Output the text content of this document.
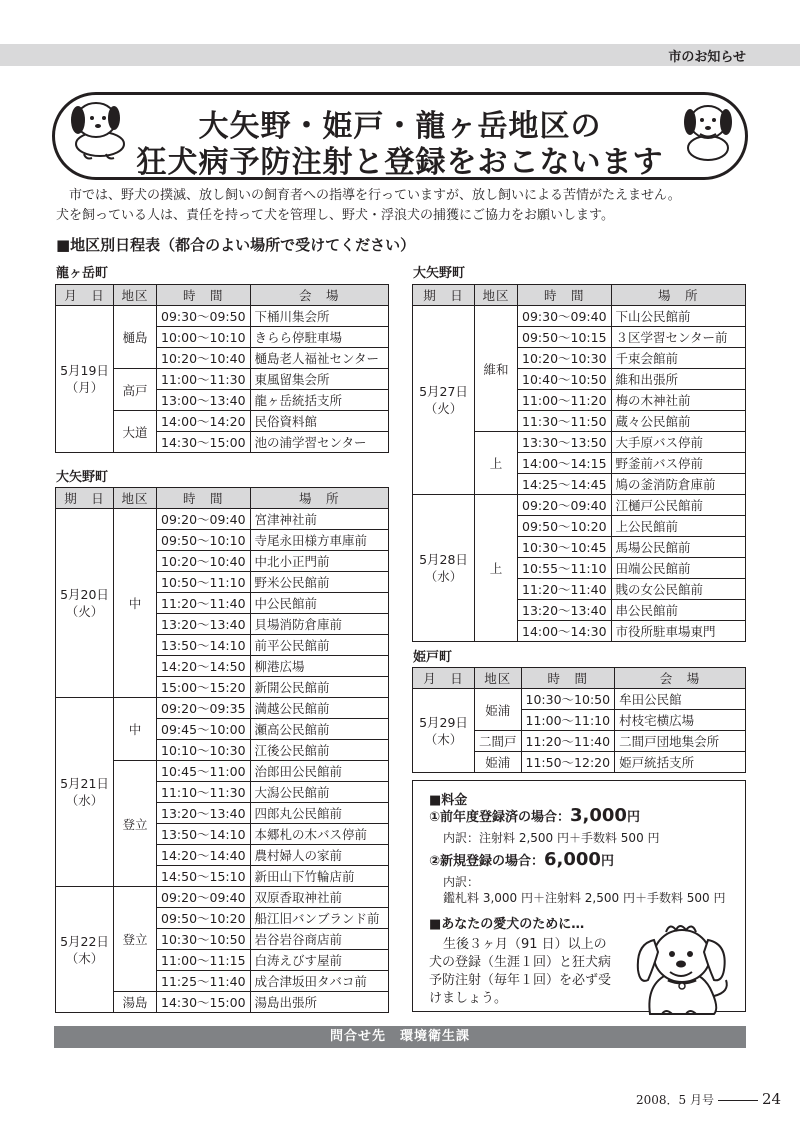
市のお知らせ
大矢野・姫戸・龍ヶ岳地区の
狂犬病予防注射と登録をおこないます

市では、野犬の撲滅、放し飼いの飼育者への指導を行っていますが、放し飼いによる苦情がたえません。

犬を飼っている人は、責任を持って犬を管理し、野犬・浮浪犬の捕獲にご協力をお願いします。

■地区別日程表（都合のよい場所で受けてください）
龍ヶ岳町
月　日	地区	時　間	会　場
5月19日
（月）	樋島	09:30～09:50	下桶川集会所
		10:00～10:10	きらら停駐車場
		10:20～10:40	樋島老人福祉センター
	高戸	11:00～11:30	東風留集会所
		13:00～13:40	龍ヶ岳統括支所
	大道	14:00～14:20	民俗資料館
		14:30～15:00	池の浦学習センター
大矢野町
期　日	地区	時　間	場　所
5月20日
（火）	中	09:20～09:40	宮津神社前
		09:50～10:10	寺尾永田様方車庫前
		10:20～10:40	中北小正門前
		10:50～11:10	野米公民館前
		11:20～11:40	中公民館前
		13:20～13:40	貝場消防倉庫前
		13:50～14:10	前平公民館前
		14:20～14:50	柳港広場
		15:00～15:20	新開公民館前
5月21日
（水）	中	09:20～09:35	満越公民館前
		09:45～10:00	瀬高公民館前
		10:10～10:30	江後公民館前
	登立	10:45～11:00	治郎田公民館前
		11:10～11:30	大潟公民館前
		13:20～13:40	四郎丸公民館前
		13:50～14:10	本郷札の木バス停前
		14:20～14:40	農村婦人の家前
		14:50～15:10	新田山下竹輪店前
5月22日
（木）	登立	09:20～09:40	双原香取神社前
		09:50～10:20	船江旧バンブランド前
		10:30～10:50	岩谷岩谷商店前
		11:00～11:15	白涛えびす屋前
		11:25～11:40	成合津坂田タバコ前
	湯島	14:30～15:00	湯島出張所
大矢野町
期　日	地区	時　間	場　所
5月27日
（火）	維和	09:30～09:40	下山公民館前
		09:50～10:15	３区学習センター前
		10:20～10:30	千束会館前
		10:40～10:50	維和出張所
		11:00～11:20	梅の木神社前
		11:30～11:50	蔵々公民館前
	上	13:30～13:50	大手原バス停前
		14:00～14:15	野釜前バス停前
		14:25～14:45	鳩の釜消防倉庫前
5月28日
（水）	上	09:20～09:40	江樋戸公民館前
		09:50～10:20	上公民館前
		10:30～10:45	馬場公民館前
		10:55～11:10	田端公民館前
		11:20～11:40	賎の女公民館前
		13:20～13:40	串公民館前
		14:00～14:30	市役所駐車場東門
姫戸町
月　日	地区	時　間	会　場
5月29日
（木）	姫浦	10:30～10:50	牟田公民館
		11:00～11:10	村枝宅横広場
	二間戸	11:20～11:40	二間戸団地集会所
	姫浦	11:50～12:20	姫戸統括支所
■料金
①前年度登録済の場合：3,000円
内訳：注射料 2,500 円＋手数料 500 円
②新規登録の場合：6,000円
内訳：
鑑札料 3,000 円＋注射料 2,500 円＋手数料 500 円
■あなたの愛犬のために…
生後３ヶ月（91 日）以上の
犬の登録（生涯１回）と狂犬病
予防注射（毎年１回）を必ず受
けましょう。
問合せ先　環境衛生課
2008．5 月号	24
